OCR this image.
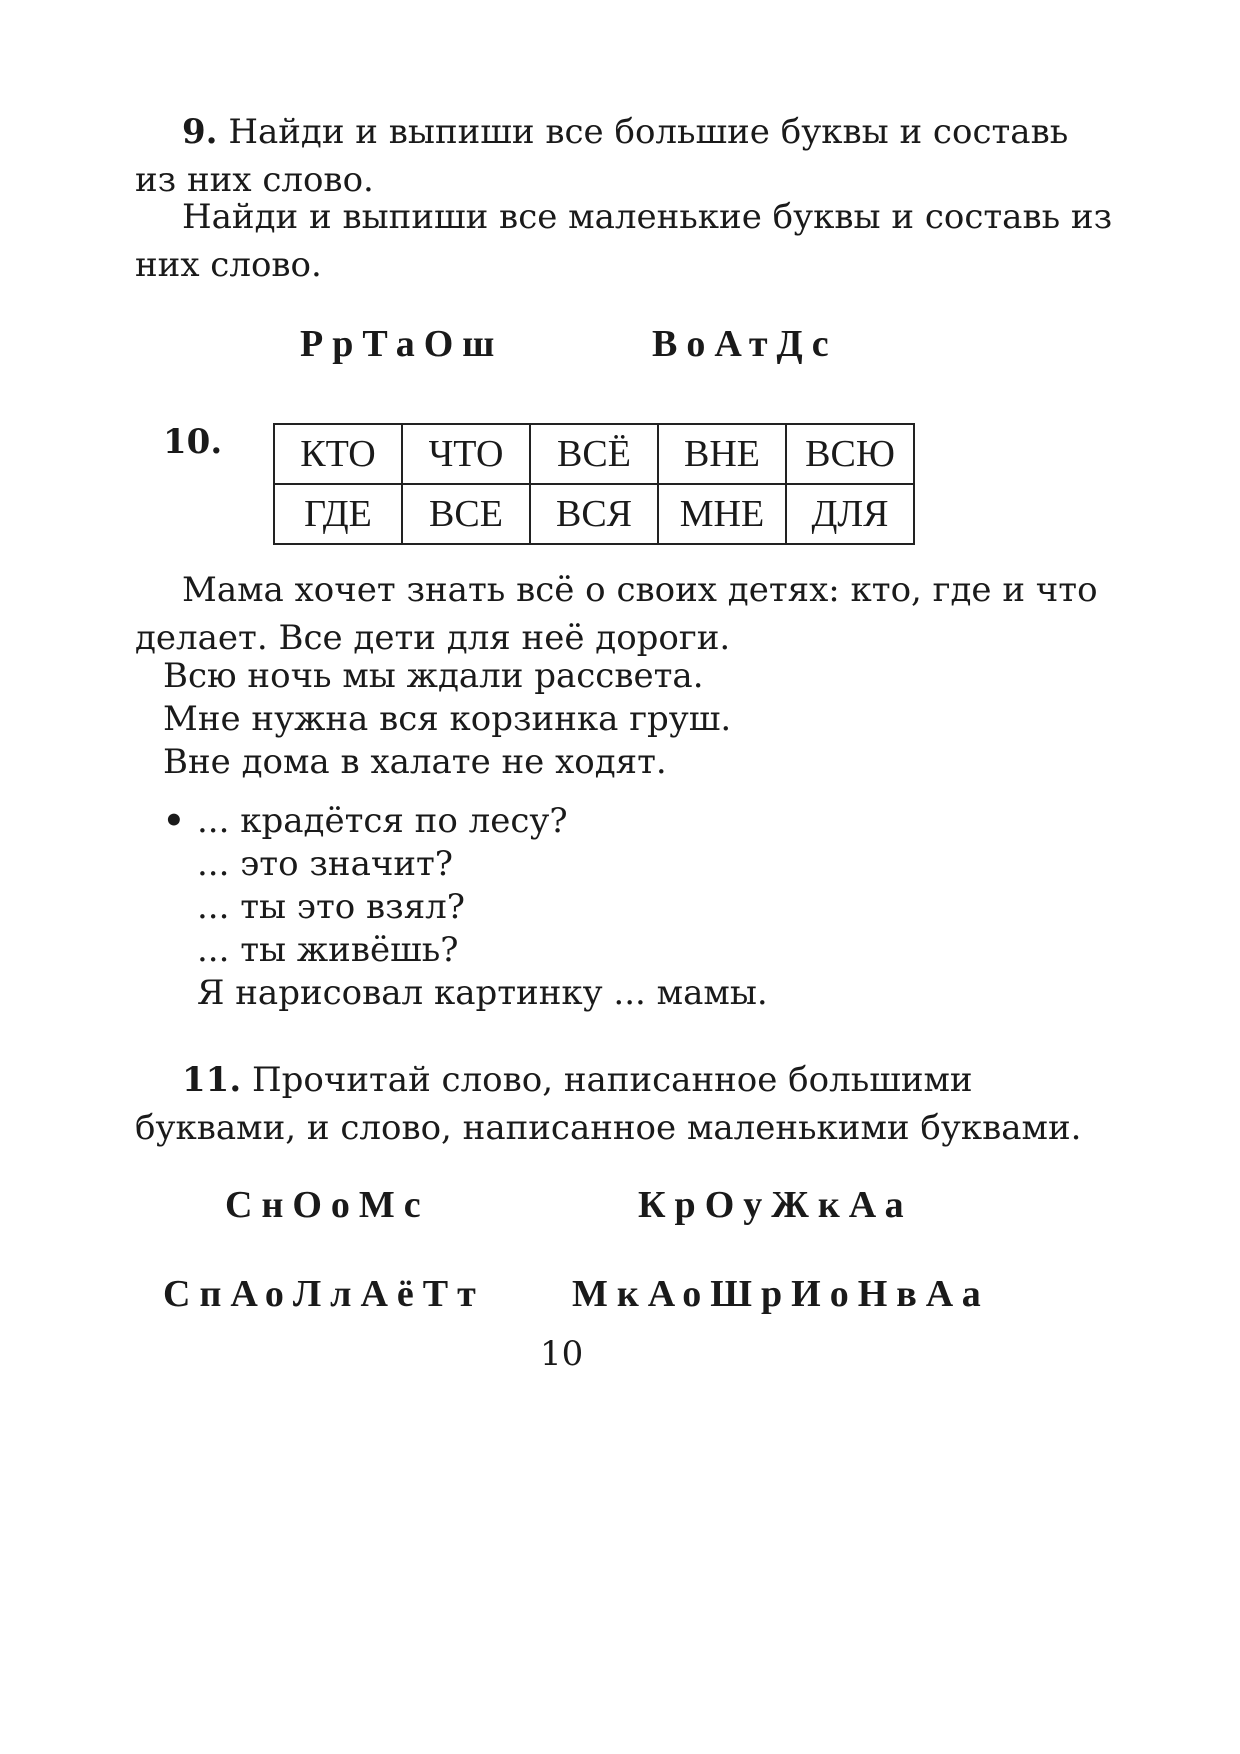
9. Найди и выпиши все большие буквы и составь из них слово.
Найди и выпиши все маленькие буквы и составь из них слово.
РрТаОш	ВоАтДс
10. КТО	ЧТО	ВСЁ	ВНЕ	ВСЮ
ГДЕ	ВСЕ	ВСЯ	МНЕ	ДЛЯ
Мама хочет знать всё о своих детях: кто, где и что делает. Все дети для неё дороги.
Всю ночь мы ждали рассвета.
Мне нужна вся корзинка груш.
Вне дома в халате не ходят.
• ... крадётся по лесу?
... это значит?
... ты это взял?
... ты живёшь?
Я нарисовал картинку ... мамы.
11. Прочитай слово, написанное большими буквами, и слово, написанное маленькими буквами.
СнОоМс	КрОуЖкАа
СпАоЛлАёТт МкАоШрИоНвАа
10
